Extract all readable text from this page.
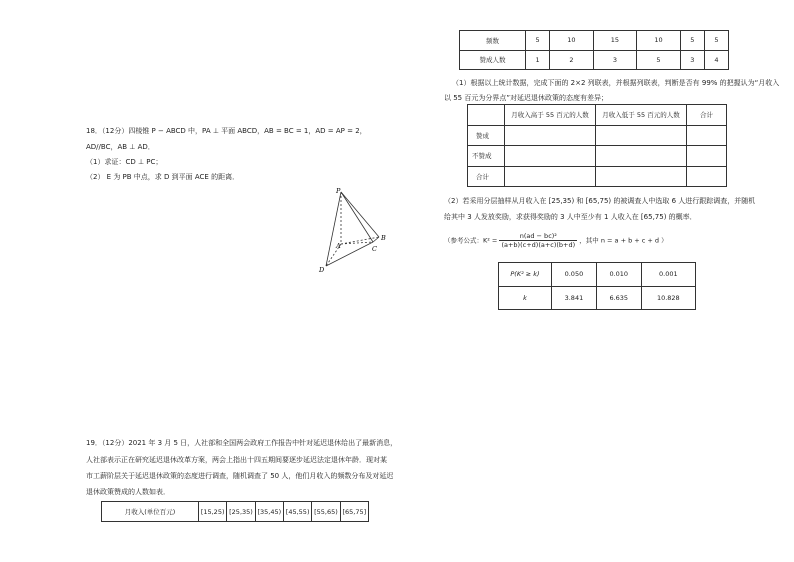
18．（12分）四棱锥 P − ABCD 中，PA ⊥ 平面 ABCD，AB = BC = 1，AD = AP = 2，
AD//BC，AB ⊥ AD．
（1）求证：CD ⊥ PC；
（2） E 为 PB 中点，求 D 到平面 ACE 的距离．
P
A
B
C
D
19．（12分）2021 年 3 月 5 日，人社部和全国两会政府工作报告中针对延迟退休给出了最新消息，
人社部表示正在研究延迟退休改革方案，两会上指出十四五期间要逐步延迟法定退休年龄．现对某
市工薪阶层关于延迟退休政策的态度进行调查，随机调查了 50 人，他们月收入的频数分布及对延迟
退休政策赞成的人数如表．
月收入(单位百元)	[15,25)	[25,35)	[35,45)	[45,55)	[55,65)	[65,75]
频数	5	10	15	10	5	5
赞成人数	1	2	3	5	3	4
（1）根据以上统计数据，完成下面的 2×2 列联表，并根据列联表，判断是否有 99% 的把握认为“月收入
以 55 百元为分界点”对延迟退休政策的态度有差异；
	月收入高于 55 百元的人数	月收入低于 55 百元的人数	合计
赞成			
不赞成			
合计			
（2）若采用分层抽样从月收入在 [25,35) 和 [65,75) 的被调查人中选取 6 人进行跟踪调查，并随机
给其中 3 人发放奖励，求获得奖励的 3 人中至少有 1 人收入在 [65,75) 的概率．
（参考公式：$K^2 = \frac{\text{n(ad − bc)²}}{(a+b)(c+d)(a+c)(b+d)}$ ，其中 n = a + b + c + d ）
P(K² ≥ k)	0.050	0.010	0.001
k	3.841	6.635	10.828
